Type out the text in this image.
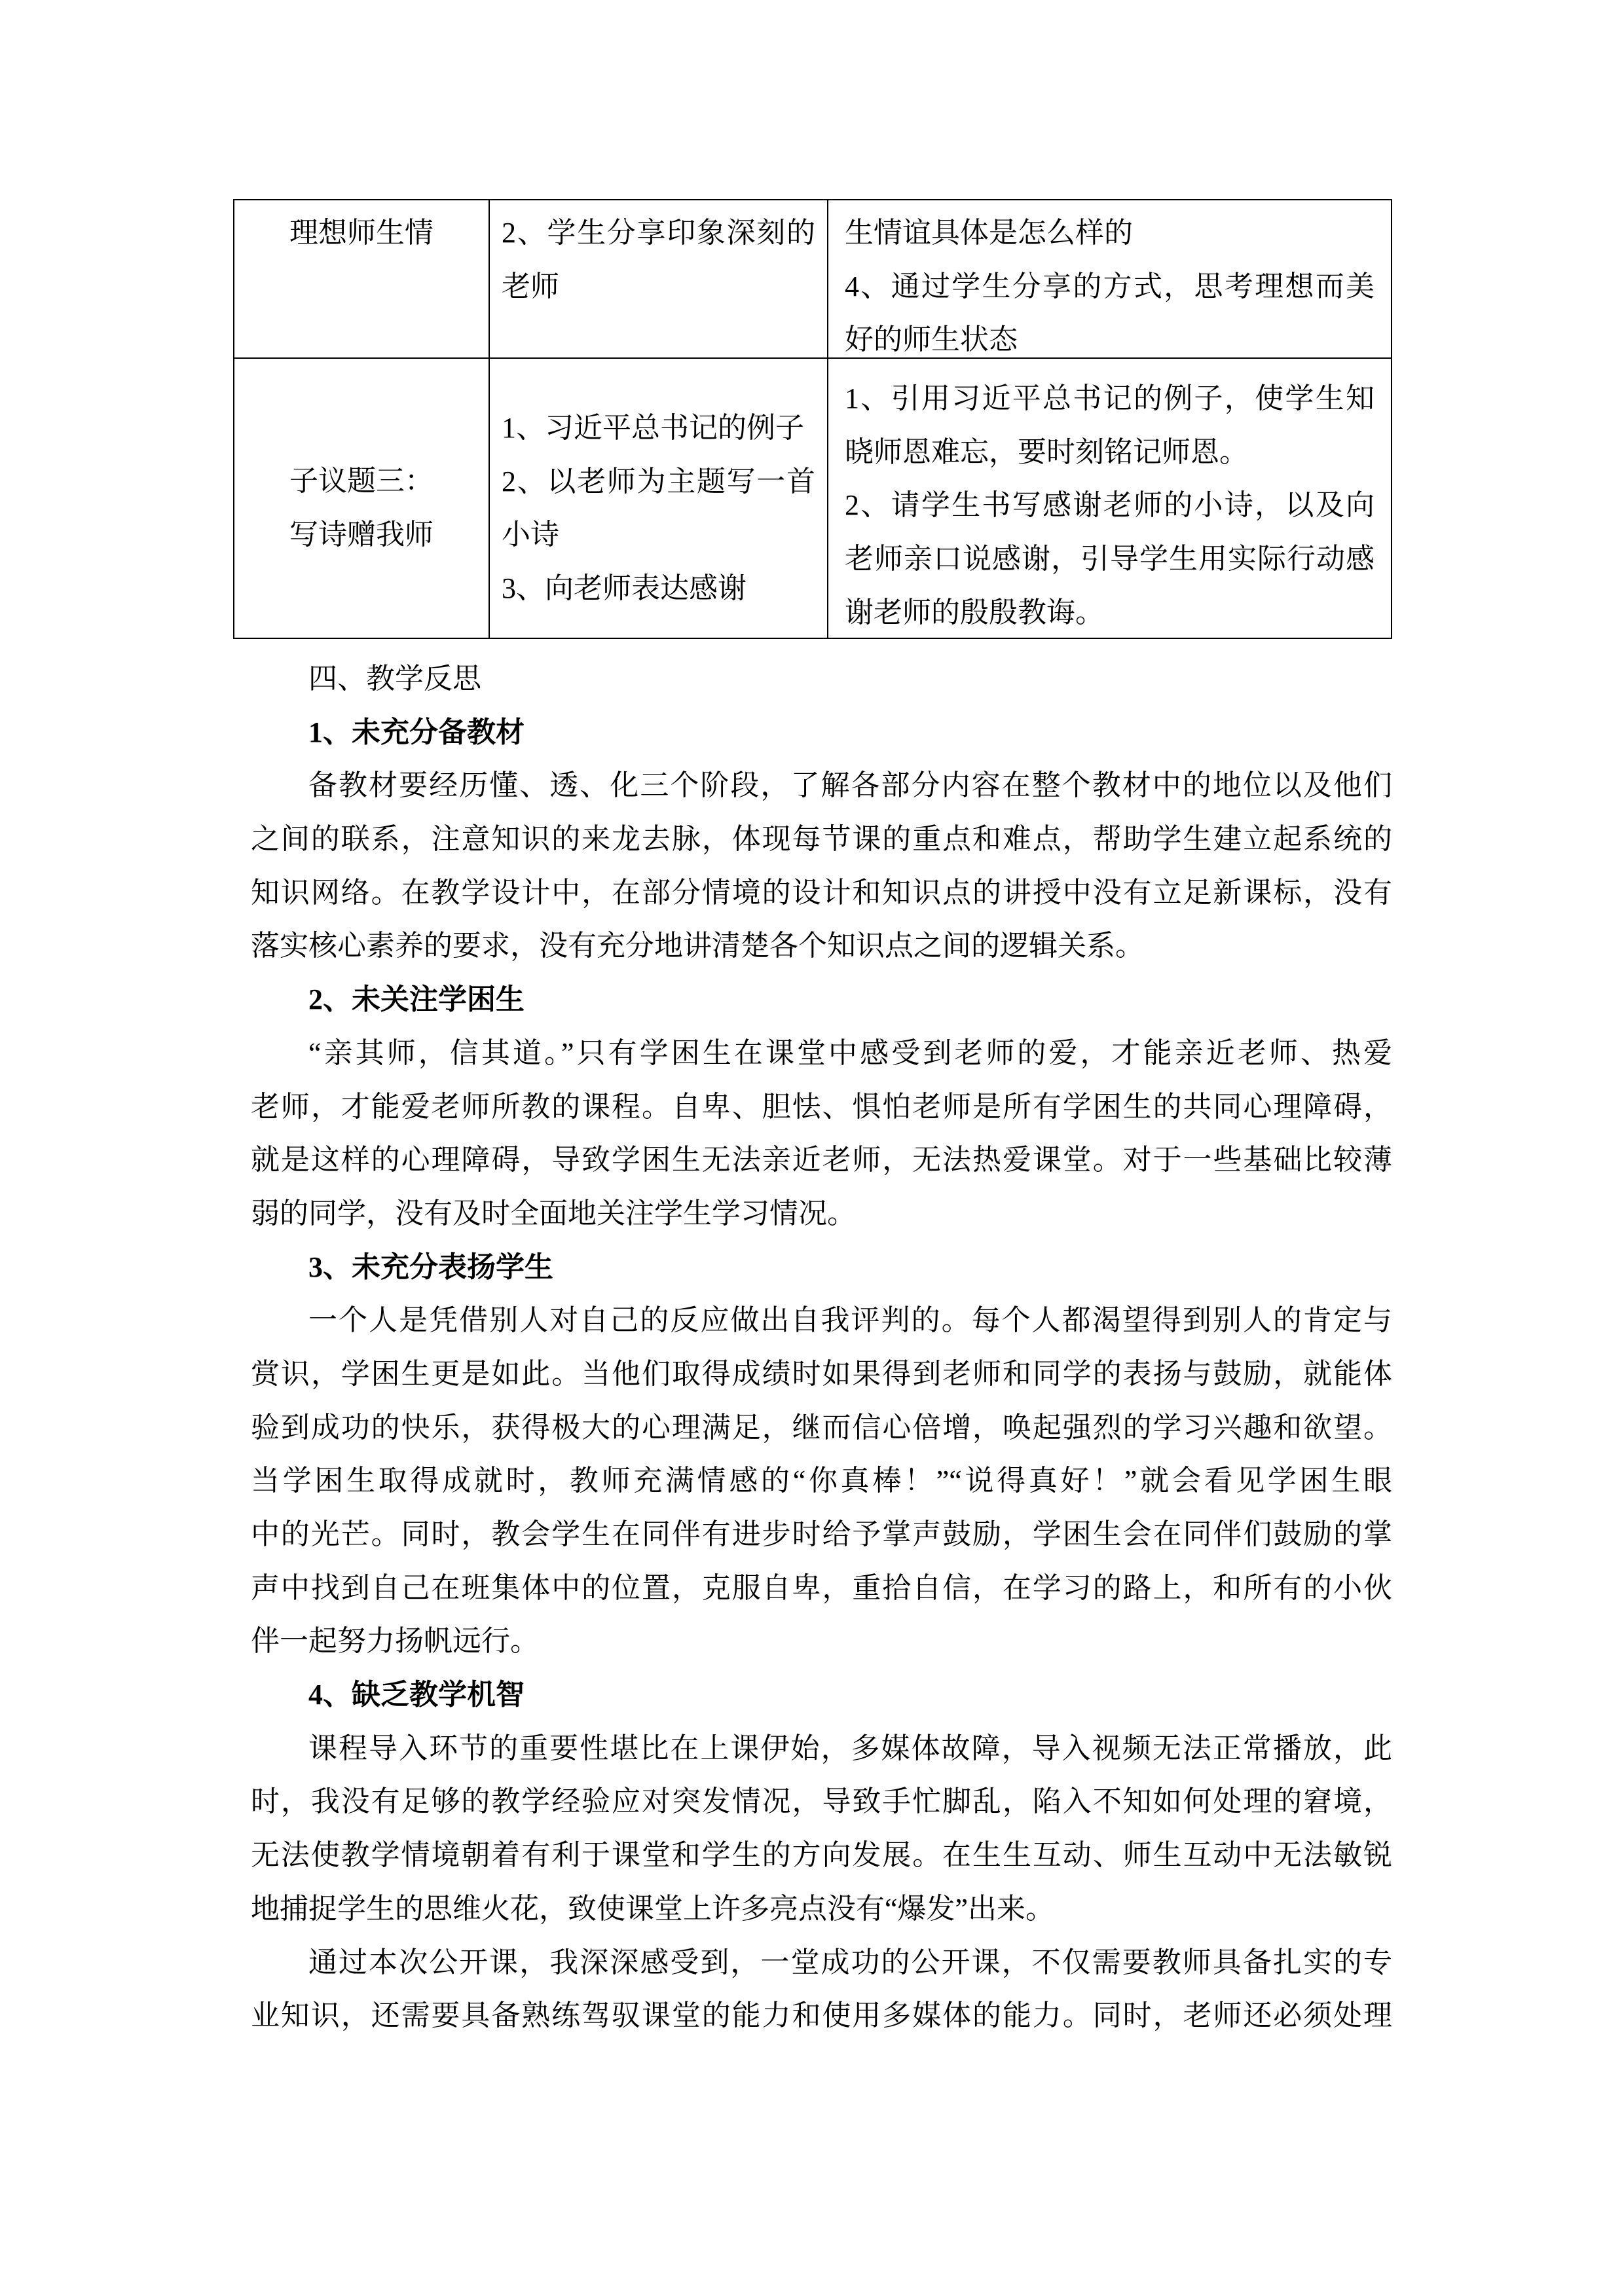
理想师生情	2、学生分享印象深刻的
老师
生情谊具体是怎么样的
4、通过学生分享的方式，思考理想而美
好的师生状态
子议题三：
写诗赠我师
1、习近平总书记的例子
2、以老师为主题写一首
小诗
3、向老师表达感谢
1、引用习近平总书记的例子，使学生知
晓师恩难忘，要时刻铭记师恩。
2、请学生书写感谢老师的小诗，以及向
老师亲口说感谢，引导学生用实际行动感
谢老师的殷殷教诲。
四、教学反思
1、未充分备教材
备教材要经历懂、透、化三个阶段，了解各部分内容在整个教材中的地位以及他们
之间的联系，注意知识的来龙去脉，体现每节课的重点和难点，帮助学生建立起系统的
知识网络。在教学设计中，在部分情境的设计和知识点的讲授中没有立足新课标，没有
落实核心素养的要求，没有充分地讲清楚各个知识点之间的逻辑关系。
2、未关注学困生
“亲其师，信其道。”只有学困生在课堂中感受到老师的爱，才能亲近老师、热爱
老师，才能爱老师所教的课程。自卑、胆怯、惧怕老师是所有学困生的共同心理障碍，
就是这样的心理障碍，导致学困生无法亲近老师，无法热爱课堂。对于一些基础比较薄
弱的同学，没有及时全面地关注学生学习情况。
3、未充分表扬学生
一个人是凭借别人对自己的反应做出自我评判的。每个人都渴望得到别人的肯定与
赏识，学困生更是如此。当他们取得成绩时如果得到老师和同学的表扬与鼓励，就能体
验到成功的快乐，获得极大的心理满足，继而信心倍增，唤起强烈的学习兴趣和欲望。
当学困生取得成就时，教师充满情感的“你真棒！”“说得真好！”就会看见学困生眼
中的光芒。同时，教会学生在同伴有进步时给予掌声鼓励，学困生会在同伴们鼓励的掌
声中找到自己在班集体中的位置，克服自卑，重拾自信，在学习的路上，和所有的小伙
伴一起努力扬帆远行。
4、缺乏教学机智
课程导入环节的重要性堪比在上课伊始，多媒体故障，导入视频无法正常播放，此
时，我没有足够的教学经验应对突发情况，导致手忙脚乱，陷入不知如何处理的窘境，
无法使教学情境朝着有利于课堂和学生的方向发展。在生生互动、师生互动中无法敏锐
地捕捉学生的思维火花，致使课堂上许多亮点没有“爆发”出来。
通过本次公开课，我深深感受到，一堂成功的公开课，不仅需要教师具备扎实的专
业知识，还需要具备熟练驾驭课堂的能力和使用多媒体的能力。同时，老师还必须处理
